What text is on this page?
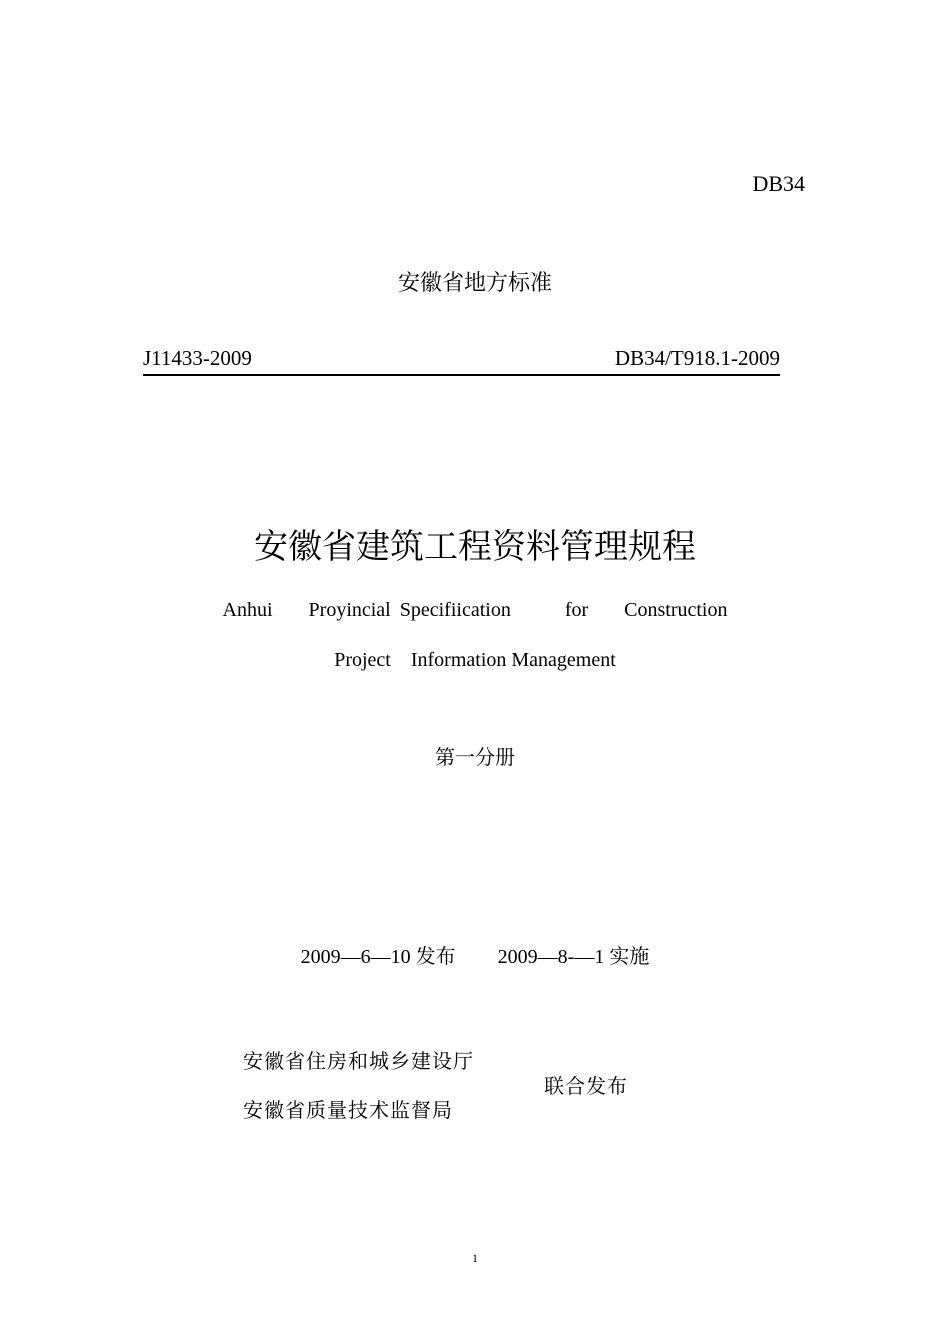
DB34
安徽省地方标准
J11433-2009	DB34/T918.1-2009
安徽省建筑工程资料管理规程
Anhui    Proyincial Specifiication      for    Construction
Project    Information Management
第一分册
2009—6—10 发布 2009—8-—1 实施
安徽省住房和城乡建设厅
安徽省质量技术监督局
联合发布
1
